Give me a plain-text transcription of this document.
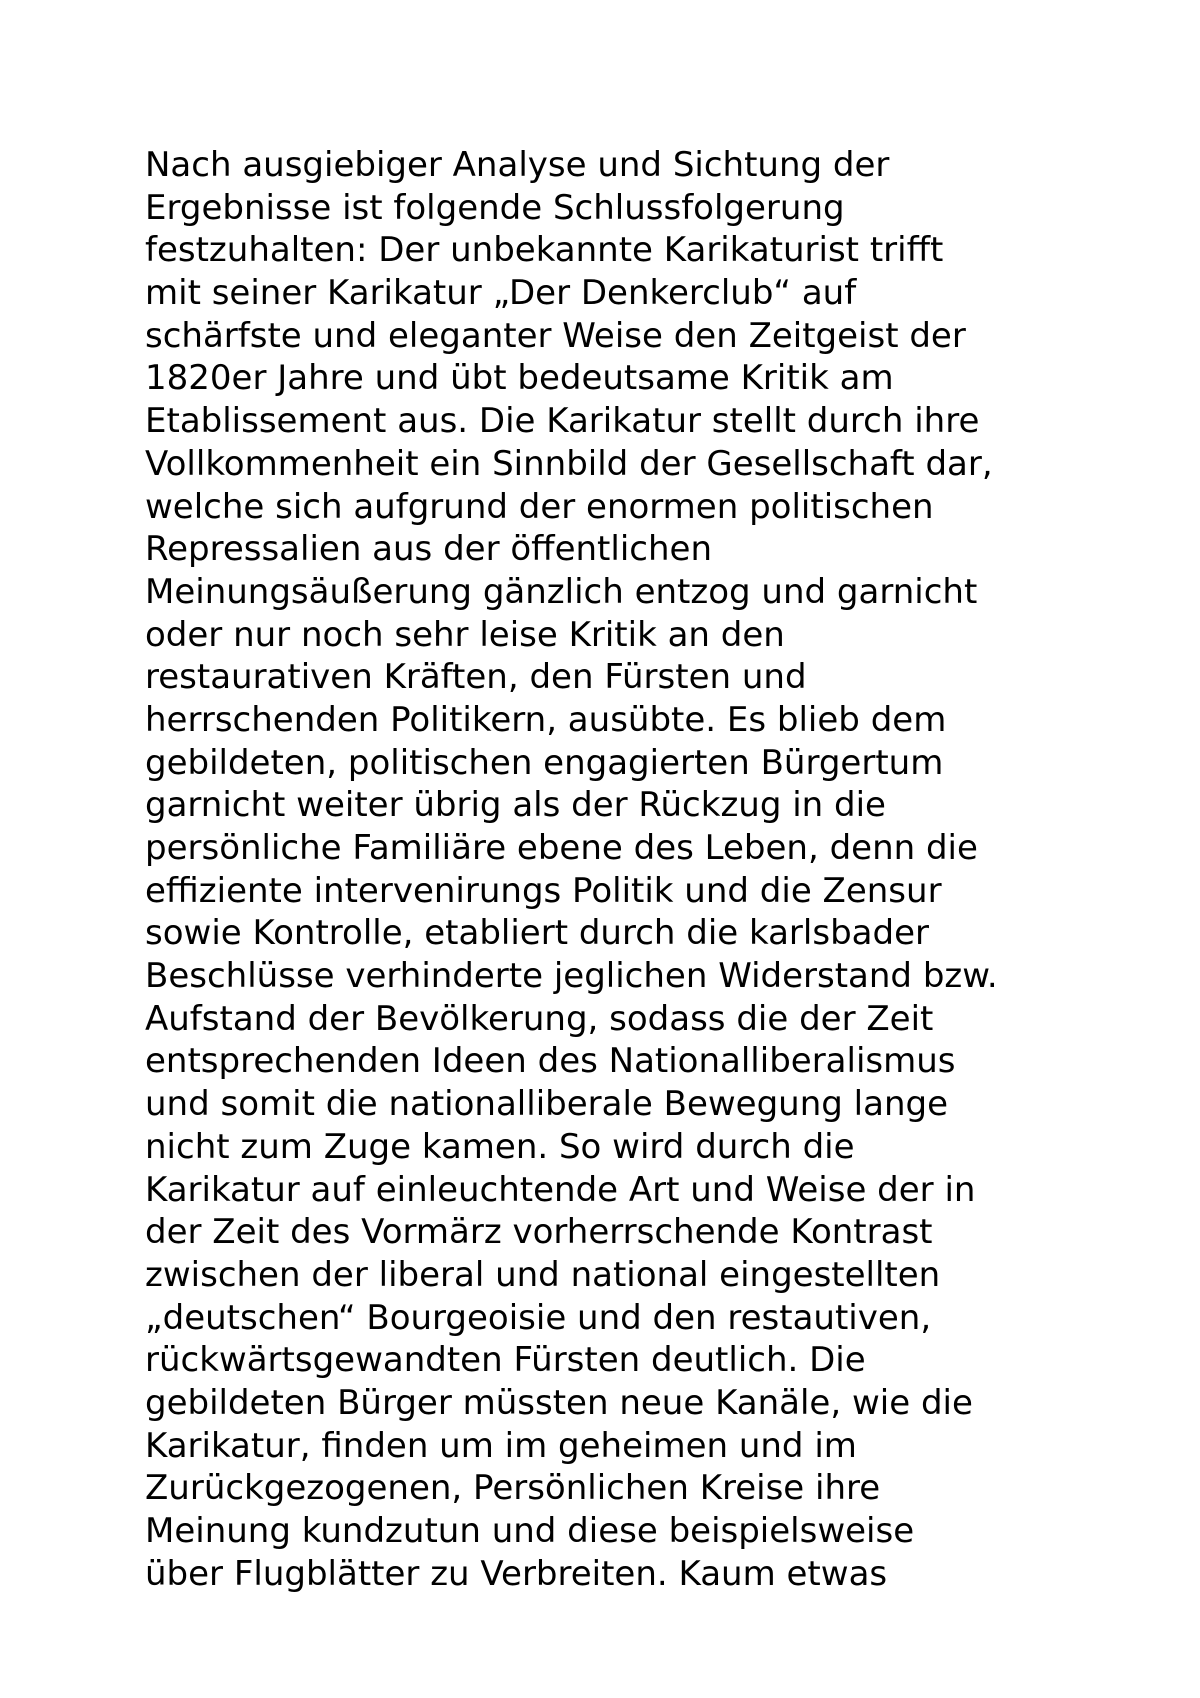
Nach ausgiebiger Analyse und Sichtung der
Ergebnisse ist folgende Schlussfolgerung
festzuhalten: Der unbekannte Karikaturist trifft
mit seiner Karikatur „Der Denkerclub“ auf
schärfste und eleganter Weise den Zeitgeist der
1820er Jahre und übt bedeutsame Kritik am
Etablissement aus. Die Karikatur stellt durch ihre
Vollkommenheit ein Sinnbild der Gesellschaft dar,
welche sich aufgrund der enormen politischen
Repressalien aus der öffentlichen
Meinungsäußerung gänzlich entzog und garnicht
oder nur noch sehr leise Kritik an den
restaurativen Kräften, den Fürsten und
herrschenden Politikern, ausübte. Es blieb dem
gebildeten, politischen engagierten Bürgertum
garnicht weiter übrig als der Rückzug in die
persönliche Familiäre ebene des Leben, denn die
effiziente intervenirungs Politik und die Zensur
sowie Kontrolle, etabliert durch die karlsbader
Beschlüsse verhinderte jeglichen Widerstand bzw.
Aufstand der Bevölkerung, sodass die der Zeit
entsprechenden Ideen des Nationalliberalismus
und somit die nationalliberale Bewegung lange
nicht zum Zuge kamen. So wird durch die
Karikatur auf einleuchtende Art und Weise der in
der Zeit des Vormärz vorherrschende Kontrast
zwischen der liberal und national eingestellten
„deutschen“ Bourgeoisie und den restautiven,
rückwärtsgewandten Fürsten deutlich. Die
gebildeten Bürger müssten neue Kanäle, wie die
Karikatur, finden um im geheimen und im
Zurückgezogenen, Persönlichen Kreise ihre
Meinung kundzutun und diese beispielsweise
über Flugblätter zu Verbreiten. Kaum etwas
